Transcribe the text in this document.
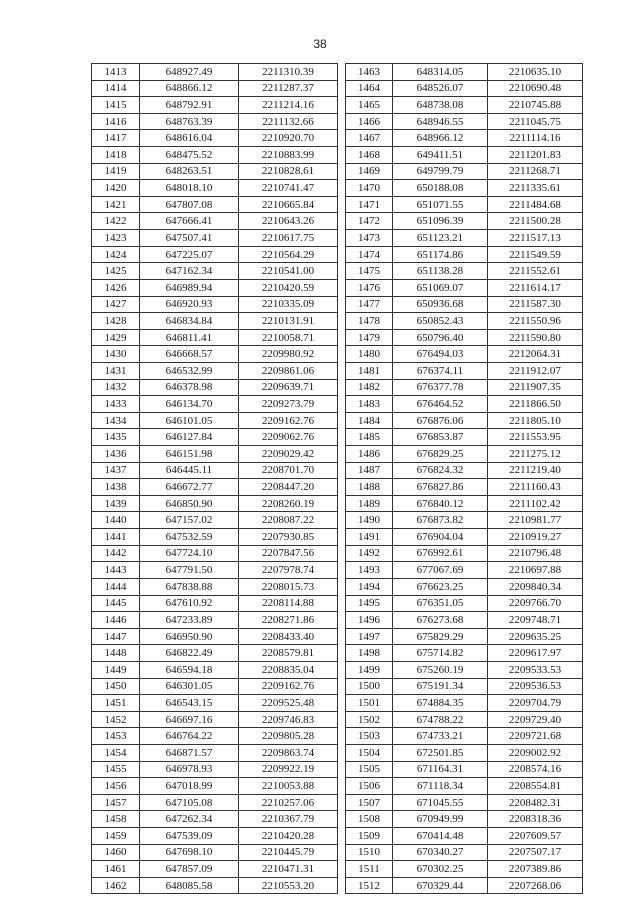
38
1413	648927.49	2211310.39
1414	648866.12	2211287.37
1415	648792.91	2211214.16
1416	648763.39	2211132.66
1417	648616.04	2210920.70
1418	648475.52	2210883.99
1419	648263.51	2210828.61
1420	648018.10	2210741.47
1421	647807.08	2210665.84
1422	647666.41	2210643.26
1423	647507.41	2210617.75
1424	647225.07	2210564.29
1425	647162.34	2210541.00
1426	646989.94	2210420.59
1427	646920.93	2210335.09
1428	646834.84	2210131.91
1429	646811.41	2210058.71
1430	646668.57	2209980.92
1431	646532.99	2209861.06
1432	646378.98	2209639.71
1433	646134.70	2209273.79
1434	646101.05	2209162.76
1435	646127.84	2209062.76
1436	646151.98	2209029.42
1437	646445.11	2208701.70
1438	646672.77	2208447.20
1439	646850.90	2208260.19
1440	647157.02	2208087.22
1441	647532.59	2207930.85
1442	647724.10	2207847.56
1443	647791.50	2207978.74
1444	647838.88	2208015.73
1445	647610.92	2208114.88
1446	647233.89	2208271.86
1447	646950.90	2208433.40
1448	646822.49	2208579.81
1449	646594.18	2208835.04
1450	646301.05	2209162.76
1451	646543.15	2209525.48
1452	646697.16	2209746.83
1453	646764.22	2209805.28
1454	646871.57	2209863.74
1455	646978.93	2209922.19
1456	647018.99	2210053.88
1457	647105.08	2210257.06
1458	647262.34	2210367.79
1459	647539.09	2210420.28
1460	647698.10	2210445.79
1461	647857.09	2210471.31
1462	648085.58	2210553.20
1463	648314.05	2210635.10
1464	648526.07	2210690.48
1465	648738.08	2210745.88
1466	648946.55	2211045.75
1467	648966.12	2211114.16
1468	649411.51	2211201.83
1469	649799.79	2211268.71
1470	650188.08	2211335.61
1471	651071.55	2211484.68
1472	651096.39	2211500.28
1473	651123.21	2211517.13
1474	651174.86	2211549.59
1475	651138.28	2211552.61
1476	651069.07	2211614.17
1477	650936.68	2211587.30
1478	650852.43	2211550.96
1479	650796.40	2211590.80
1480	676494.03	2212064.31
1481	676374.11	2211912.07
1482	676377.78	2211907.35
1483	676464.52	2211866.50
1484	676876.06	2211805.10
1485	676853.87	2211553.95
1486	676829.25	2211275.12
1487	676824.32	2211219.40
1488	676827.86	2211160.43
1489	676840.12	2211102.42
1490	676873.82	2210981.77
1491	676904.04	2210919.27
1492	676992.61	2210796.48
1493	677067.69	2210697.88
1494	676623.25	2209840.34
1495	676351.05	2209766.70
1496	676273.68	2209748.71
1497	675829.29	2209635.25
1498	675714.82	2209617.97
1499	675260.19	2209533.53
1500	675191.34	2209536.53
1501	674884.35	2209704.79
1502	674788.22	2209729.40
1503	674733.21	2209721.68
1504	672501.85	2209002.92
1505	671164.31	2208574.16
1506	671118.34	2208554.81
1507	671045.55	2208482.31
1508	670949.99	2208318.36
1509	670414.48	2207609.57
1510	670340.27	2207507.17
1511	670302.25	2207389.86
1512	670329.44	2207268.06
